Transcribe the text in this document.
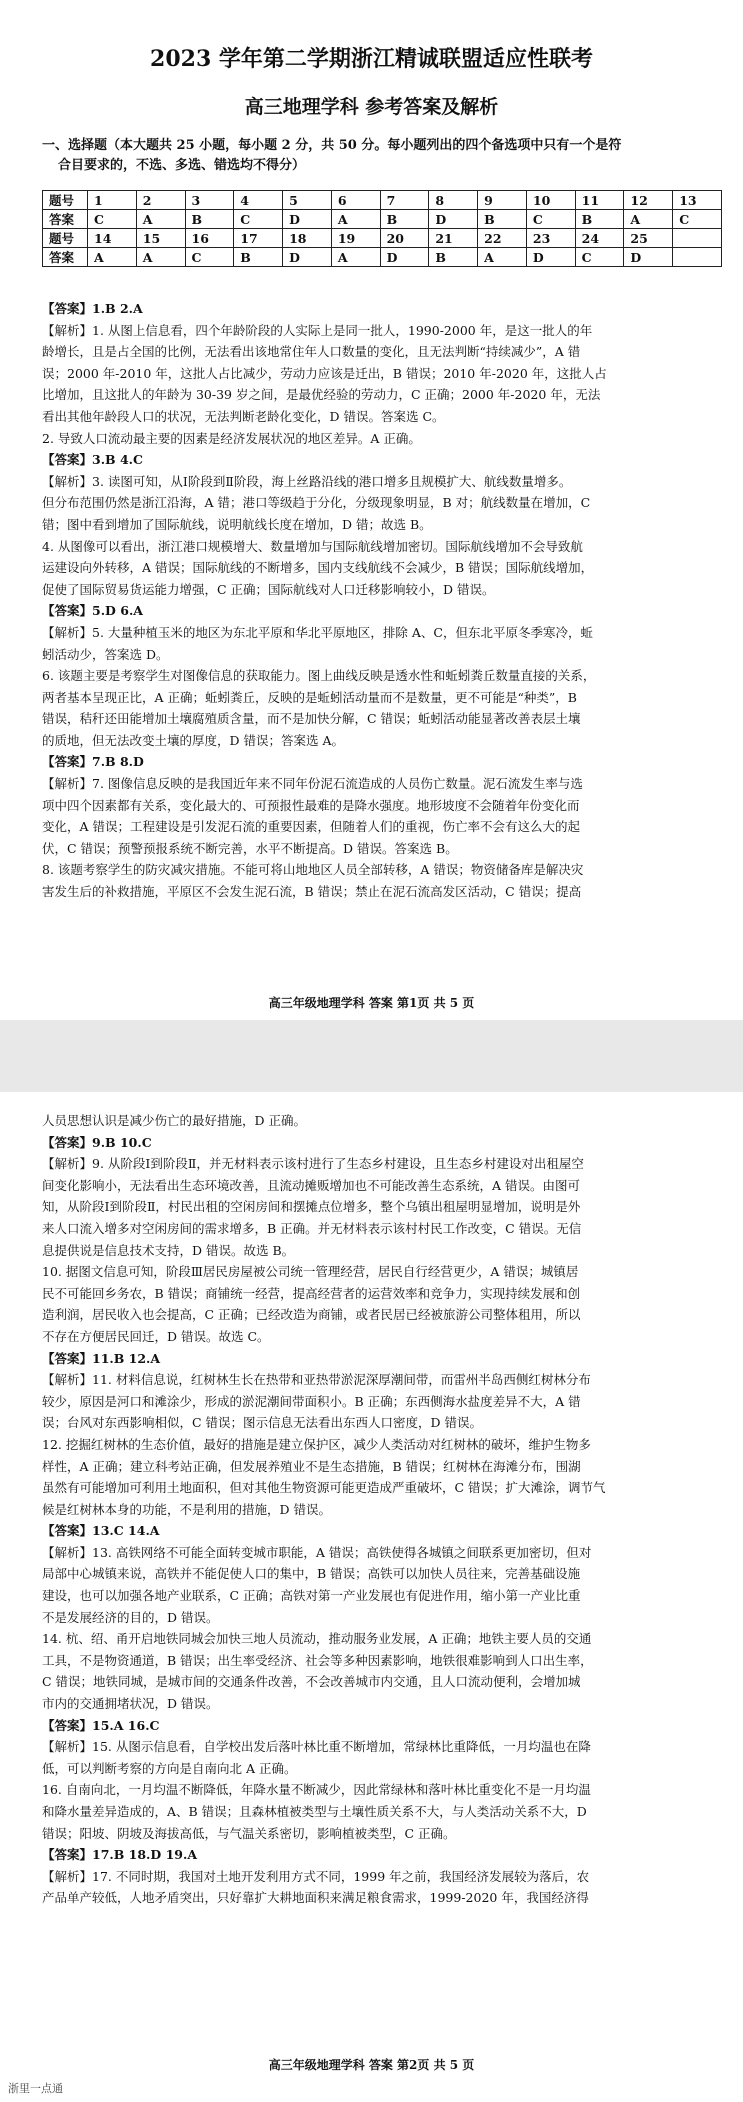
2023 学年第二学期浙江精诚联盟适应性联考
高三地理学科 参考答案及解析
一、选择题（本大题共 25 小题，每小题 2 分，共 50 分。每小题列出的四个备选项中只有一个是符
合目要求的，不选、多选、错选均不得分）
题号	1	2	3	4	5	6	7	8	9	10	11	12	13
答案	C	A	B	C	D	A	B	D	B	C	B	A	C
题号	14	15	16	17	18	19	20	21	22	23	24	25	
答案	A	A	C	B	D	A	D	B	A	D	C	D	

【答案】1.B 2.A

【解析】1. 从图上信息看，四个年龄阶段的人实际上是同一批人，1990-2000 年，是这一批人的年

龄增长，且是占全国的比例，无法看出该地常住年人口数量的变化，且无法判断“持续减少”，A 错

误；2000 年-2010 年，这批人占比减少，劳动力应该是迁出，B 错误；2010 年-2020 年，这批人占

比增加，且这批人的年龄为 30-39 岁之间，是最优经验的劳动力，C 正确；2000 年-2020 年，无法

看出其他年龄段人口的状况，无法判断老龄化变化，D 错误。答案选 C。

2. 导致人口流动最主要的因素是经济发展状况的地区差异。A 正确。

【答案】3.B 4.C

【解析】3. 读图可知，从Ⅰ阶段到Ⅱ阶段，海上丝路沿线的港口增多且规模扩大、航线数量增多。

但分布范围仍然是浙江沿海，A 错；港口等级趋于分化，分级现象明显，B 对；航线数量在增加，C

错；图中看到增加了国际航线，说明航线长度在增加，D 错；故选 B。

4. 从图像可以看出，浙江港口规模增大、数量增加与国际航线增加密切。国际航线增加不会导致航

运建设向外转移，A 错误；国际航线的不断增多，国内支线航线不会减少，B 错误；国际航线增加，

促使了国际贸易货运能力增强，C 正确；国际航线对人口迁移影响较小，D 错误。

【答案】5.D 6.A

【解析】5. 大量种植玉米的地区为东北平原和华北平原地区，排除 A、C，但东北平原冬季寒冷，蚯

蚓活动少，答案选 D。

6. 该题主要是考察学生对图像信息的获取能力。图上曲线反映是透水性和蚯蚓粪丘数量直接的关系，

两者基本呈现正比，A 正确；蚯蚓粪丘，反映的是蚯蚓活动量而不是数量，更不可能是“种类”，B

错误，秸秆还田能增加土壤腐殖质含量，而不是加快分解，C 错误；蚯蚓活动能显著改善表层土壤

的质地，但无法改变土壤的厚度，D 错误；答案选 A。

【答案】7.B 8.D

【解析】7. 图像信息反映的是我国近年来不同年份泥石流造成的人员伤亡数量。泥石流发生率与选

项中四个因素都有关系，变化最大的、可预报性最难的是降水强度。地形坡度不会随着年份变化而

变化，A 错误；工程建设是引发泥石流的重要因素，但随着人们的重视，伤亡率不会有这么大的起

伏，C 错误；预警预报系统不断完善，水平不断提高。D 错误。答案选 B。

8. 该题考察学生的防灾减灾措施。不能可将山地地区人员全部转移，A 错误；物资储备库是解决灾

害发生后的补救措施，平原区不会发生泥石流，B 错误；禁止在泥石流高发区活动，C 错误；提高

高三年级地理学科 答案 第1页 共 5 页

人员思想认识是减少伤亡的最好措施，D 正确。

【答案】9.B 10.C

【解析】9. 从阶段Ⅰ到阶段Ⅱ，并无材料表示该村进行了生态乡村建设，且生态乡村建设对出租屋空

间变化影响小，无法看出生态环境改善，且流动摊贩增加也不可能改善生态系统，A 错误。由图可

知，从阶段Ⅰ到阶段Ⅱ，村民出租的空闲房间和摆摊点位增多，整个乌镇出租屋明显增加，说明是外

来人口流入增多对空闲房间的需求增多，B 正确。并无材料表示该村村民工作改变，C 错误。无信

息提供说是信息技术支持，D 错误。故选 B。

10. 据图文信息可知，阶段Ⅲ居民房屋被公司统一管理经营，居民自行经营更少，A 错误；城镇居

民不可能回乡务农，B 错误；商铺统一经营，提高经营者的运营效率和竞争力，实现持续发展和创

造利润，居民收入也会提高，C 正确；已经改造为商铺，或者民居已经被旅游公司整体租用，所以

不存在方便居民回迁，D 错误。故选 C。

【答案】11.B 12.A

【解析】11. 材料信息说，红树林生长在热带和亚热带淤泥深厚潮间带，而雷州半岛西侧红树林分布

较少，原因是河口和滩涂少，形成的淤泥潮间带面积小。B 正确；东西侧海水盐度差异不大，A 错

误；台风对东西影响相似，C 错误；图示信息无法看出东西人口密度，D 错误。

12. 挖掘红树林的生态价值，最好的措施是建立保护区，减少人类活动对红树林的破坏，维护生物多

样性，A 正确；建立科考站正确，但发展养殖业不是生态措施，B 错误；红树林在海滩分布，围湖

虽然有可能增加可利用土地面积，但对其他生物资源可能更造成严重破坏，C 错误；扩大滩涂，调节气

候是红树林本身的功能，不是利用的措施，D 错误。

【答案】13.C 14.A

【解析】13. 高铁网络不可能全面转变城市职能，A 错误；高铁使得各城镇之间联系更加密切，但对

局部中心城镇来说，高铁并不能促使人口的集中，B 错误；高铁可以加快人员往来，完善基础设施

建设，也可以加强各地产业联系，C 正确；高铁对第一产业发展也有促进作用，缩小第一产业比重

不是发展经济的目的，D 错误。

14. 杭、绍、甬开启地铁同城会加快三地人员流动，推动服务业发展，A 正确；地铁主要人员的交通

工具，不是物资通道，B 错误；出生率受经济、社会等多种因素影响，地铁很难影响到人口出生率，

C 错误；地铁同城，是城市间的交通条件改善，不会改善城市内交通，且人口流动便利，会增加城

市内的交通拥堵状况，D 错误。

【答案】15.A 16.C

【解析】15. 从图示信息看，自学校出发后落叶林比重不断增加，常绿林比重降低，一月均温也在降

低，可以判断考察的方向是自南向北 A 正确。

16. 自南向北，一月均温不断降低，年降水量不断减少，因此常绿林和落叶林比重变化不是一月均温

和降水量差异造成的，A、B 错误；且森林植被类型与土壤性质关系不大，与人类活动关系不大，D

错误；阳坡、阴坡及海拔高低，与气温关系密切，影响植被类型，C 正确。

【答案】17.B 18.D 19.A

【解析】17. 不同时期，我国对土地开发利用方式不同，1999 年之前，我国经济发展较为落后，农

产品单产较低，人地矛盾突出，只好靠扩大耕地面积来满足粮食需求，1999-2020 年，我国经济得

高三年级地理学科 答案 第2页 共 5 页
浙里一点通
